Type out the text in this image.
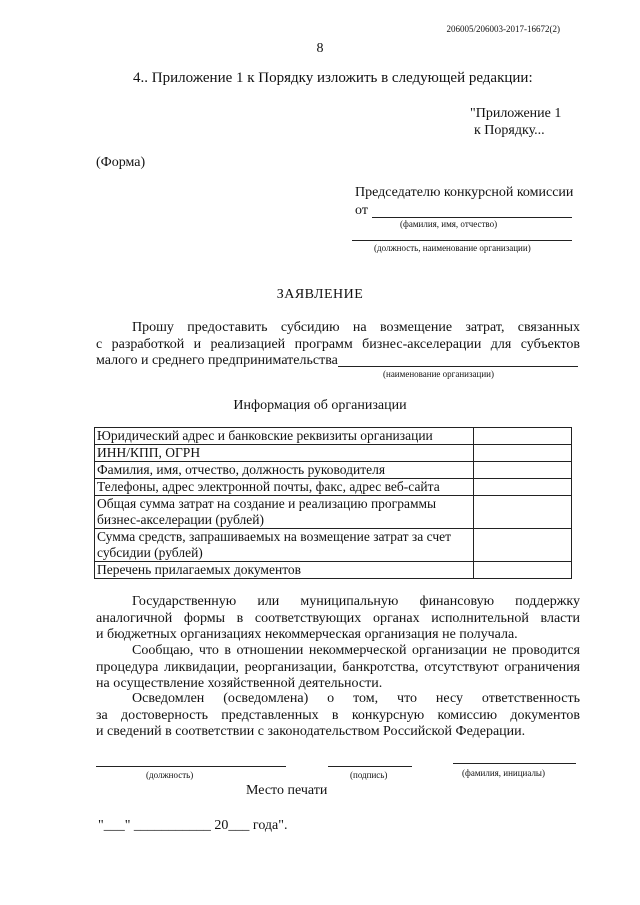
206005/206003-2017-16672(2)
8
4.. Приложение 1 к Порядку изложить в следующей редакции:
"Приложение 1
к Порядку...
(Форма)
Председателю конкурсной комиссии
от
(фамилия, имя, отчество)
(должность, наименование организации)
ЗАЯВЛЕНИЕ
Прошу предоставить субсидию на возмещение затрат, связанных
с разработкой и реализацией программ бизнес-акселерации для субъектов
малого и среднего предпринимательства
(наименование организации)
Информация об организации
Юридический адрес и банковские реквизиты организации	
ИНН/КПП, ОГРН	
Фамилия, имя, отчество, должность руководителя	
Телефоны, адрес электронной почты, факс, адрес веб-сайта	
Общая сумма затрат на создание и реализацию программы бизнес-акселерации (рублей)	
Сумма средств, запрашиваемых на возмещение затрат за счет субсидии (рублей)	
Перечень прилагаемых документов	
Государственную или муниципальную финансовую поддержку
аналогичной формы в соответствующих органах исполнительной власти
и бюджетных организациях некоммерческая организация не получала.
Сообщаю, что в отношении некоммерческой организации не проводится
процедура ликвидации, реорганизации, банкротства, отсутствуют ограничения
на осуществление хозяйственной деятельности.
Осведомлен (осведомлена) о том, что несу ответственность
за достоверность представленных в конкурсную комиссию документов
и сведений в соответствии с законодательством Российской Федерации.
(должность)	(подпись)	(фамилия, инициалы)
Место печати
"___" ___________ 20___ года".
